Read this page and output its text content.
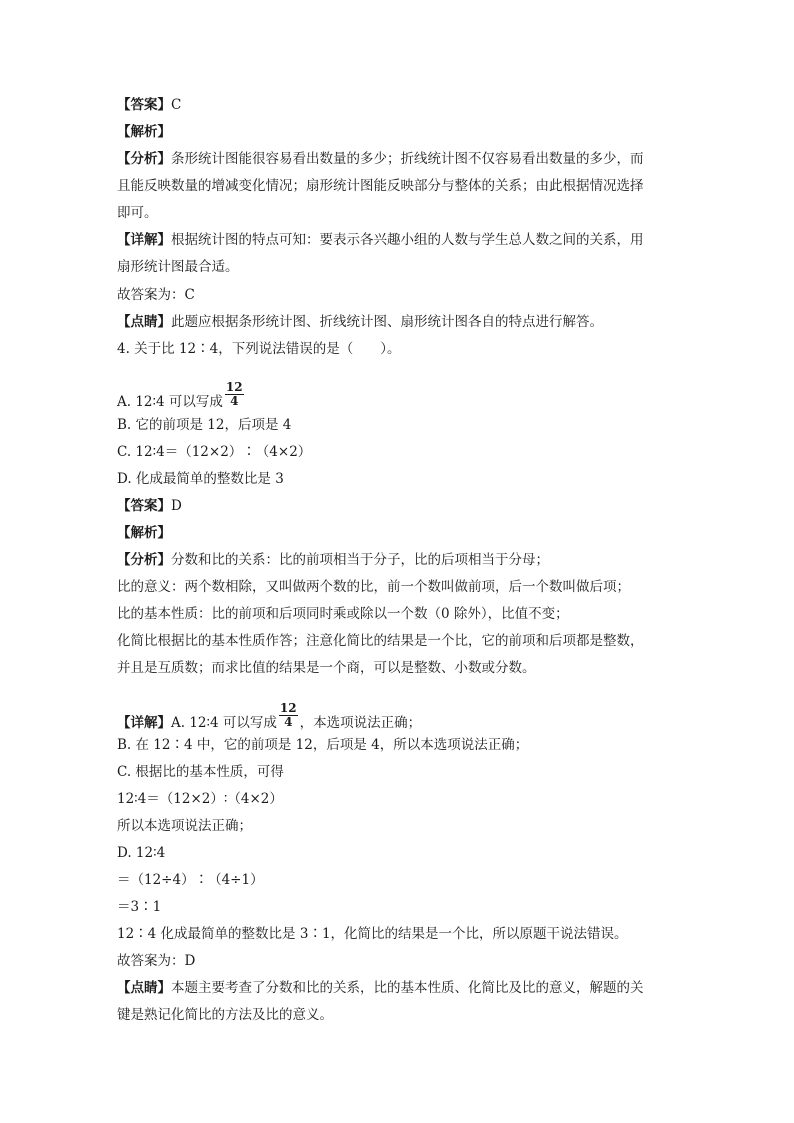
【答案】C
【解析】
【分析】条形统计图能很容易看出数量的多少；折线统计图不仅容易看出数量的多少，而
且能反映数量的增减变化情况；扇形统计图能反映部分与整体的关系；由此根据情况选择
即可。
【详解】根据统计图的特点可知：要表示各兴趣小组的人数与学生总人数之间的关系，用
扇形统计图最合适。
故答案为：C
【点睛】此题应根据条形统计图、折线统计图、扇形统计图各自的特点进行解答。
4. 关于比 12∶4，下列说法错误的是（　　）。
A. 12∶4 可以写成 $\frac{12}{4}$
B. 它的前项是 12，后项是 4
C. 12∶4＝（12×2）∶（4×2）
D. 化成最简单的整数比是 3
【答案】D
【解析】
【分析】分数和比的关系：比的前项相当于分子，比的后项相当于分母；
比的意义：两个数相除，又叫做两个数的比，前一个数叫做前项，后一个数叫做后项；
比的基本性质：比的前项和后项同时乘或除以一个数（0 除外），比值不变；
化简比根据比的基本性质作答；注意化简比的结果是一个比，它的前项和后项都是整数，
并且是互质数；而求比值的结果是一个商，可以是整数、小数或分数。
【详解】A. 12∶4 可以写成 $\frac{12}{4}$ ，本选项说法正确；
B. 在 12∶4 中，它的前项是 12，后项是 4，所以本选项说法正确；
C. 根据比的基本性质，可得
12∶4＝（12×2）∶（4×2）
所以本选项说法正确；
D. 12∶4
＝（12÷4）∶（4÷1）
＝3∶1
12∶4 化成最简单的整数比是 3∶1，化简比的结果是一个比，所以原题干说法错误。
故答案为：D
【点睛】本题主要考查了分数和比的关系，比的基本性质、化简比及比的意义，解题的关
键是熟记化简比的方法及比的意义。
